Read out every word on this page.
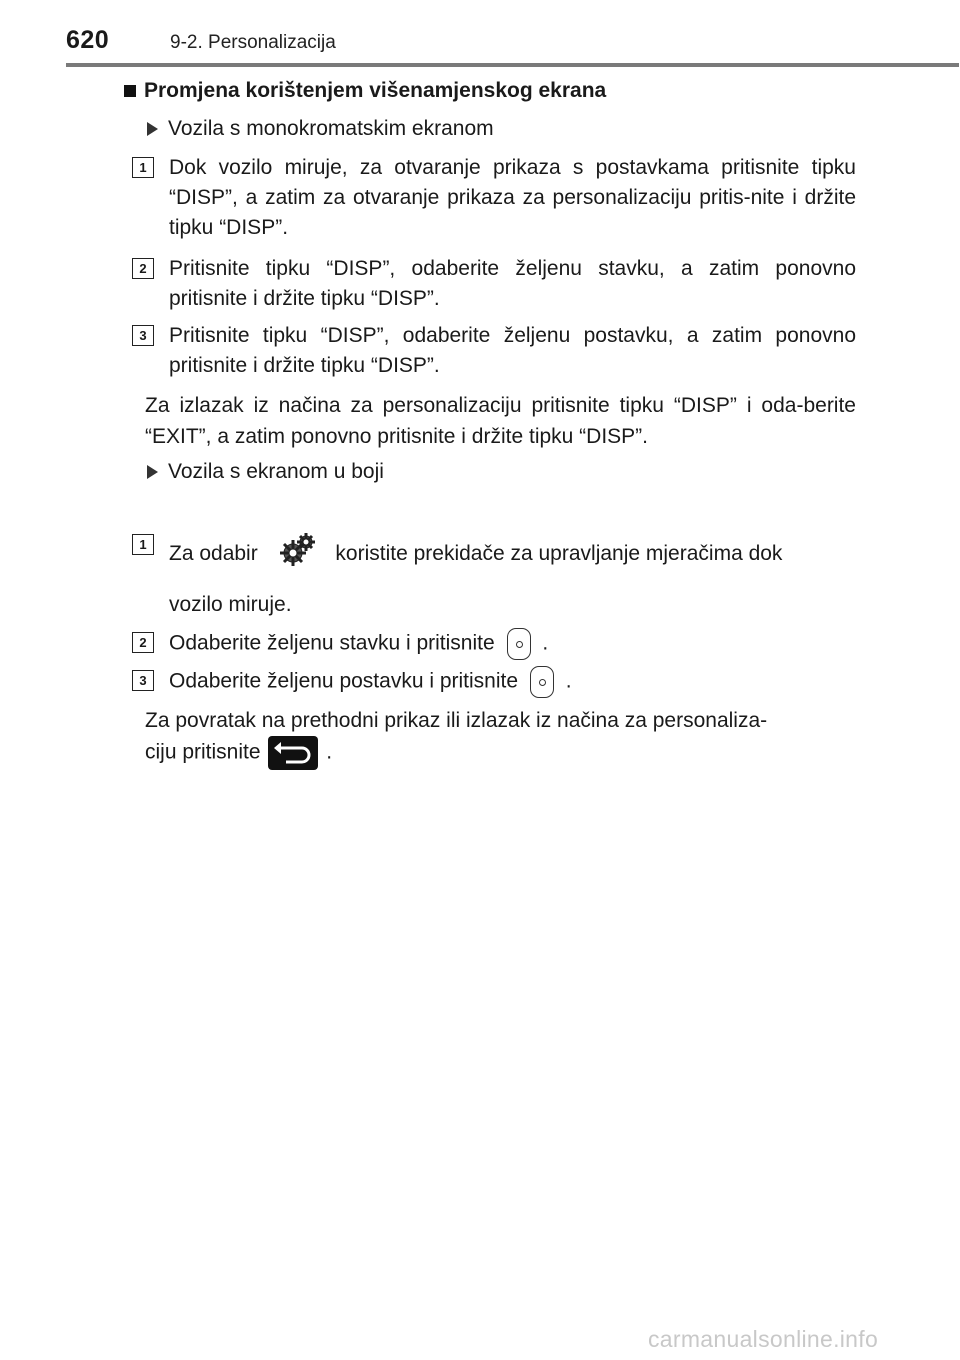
620	9-2. Personalizacija
Promjena korištenjem višenamjenskog ekrana
Vozila s monokromatskim ekranom
1	Dok vozilo miruje, za otvaranje prikaza s postavkama pritisnite tipku “DISP”, a zatim za otvaranje prikaza za personalizaciju pritis-nite i držite tipku “DISP”.
2	Pritisnite tipku “DISP”, odaberite željenu stavku, a zatim ponovno pritisnite i držite tipku “DISP”.
3	Pritisnite tipku “DISP”, odaberite željenu postavku, a zatim ponovno pritisnite i držite tipku “DISP”.
Za izlazak iz načina za personalizaciju pritisnite tipku “DISP” i oda-berite “EXIT”, a zatim ponovno pritisnite i držite tipku “DISP”.
Vozila s ekranom u boji
1	Za odabir	koristite prekidače za upravljanje mjeračima dok
vozilo miruje.
2	Odaberite željenu stavku i pritisnite .
3	Odaberite željenu postavku i pritisnite .
Za povratak na prethodni prikaz ili izlazak iz načina za personaliza-
ciju pritisnite	.
carmanualsonline.info
